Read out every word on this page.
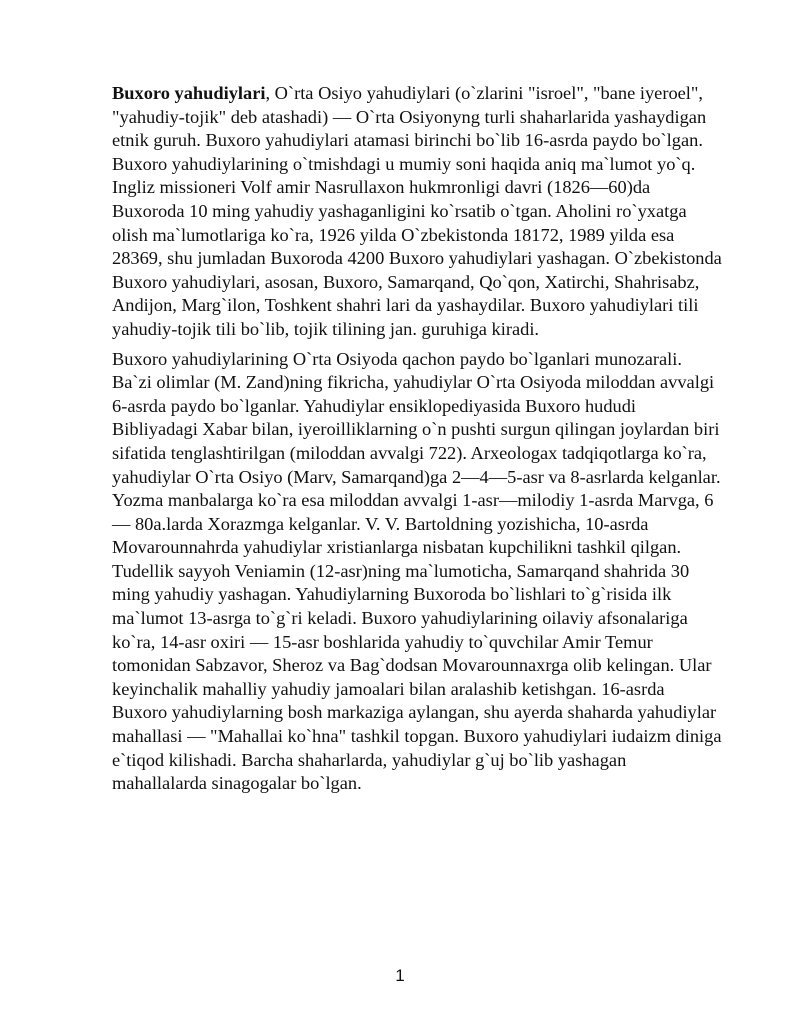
Buxoro yahudiylari, O`rta Osiyo yahudiylari (o`zlarini "isroel", "bane iyeroel", "yahudiy-tojik" deb atashadi) — O`rta Osiyonyng turli shaharlarida yashaydigan etnik guruh. Buxoro yahudiylari atamasi birinchi bo`lib 16-asrda paydo bo`lgan. Buxoro yahudiylarining o`tmishdagi u mumiy soni haqida aniq ma`lumot yo`q. Ingliz missioneri Volf amir Nasrullaxon hukmronligi davri (1826—60)da Buxoroda 10 ming yahudiy yashaganligini ko`rsatib o`tgan. Aholini ro`yxatga olish ma`lumotlariga ko`ra, 1926 yilda O`zbekistonda 18172, 1989 yilda esa 28369, shu jumladan Buxoroda 4200 Buxoro yahudiylari yashagan. O`zbekistonda Buxoro yahudiylari, asosan, Buxoro, Samarqand, Qo`qon, Xatirchi, Shahrisabz, Andijon, Marg`ilon, Toshkent shahri lari da yashaydilar. Buxoro yahudiylari tili yahudiy-tojik tili bo`lib, tojik tilining jan. guruhiga kiradi.

Buxoro yahudiylarining O`rta Osiyoda qachon paydo bo`lganlari munozarali. Ba`zi olimlar (M. Zand)ning fikricha, yahudiylar O`rta Osiyoda miloddan avvalgi 6-asrda paydo bo`lganlar. Yahudiylar ensiklopediyasida Buxoro hududi Bibliyadagi Xabar bilan, iyeroilliklarning o`n pushti surgun qilingan joylardan biri sifatida tenglashtirilgan (miloddan avvalgi 722). Arxeologax tadqiqotlarga ko`ra, yahudiylar O`rta Osiyo (Marv, Samarqand)ga 2—4—5-asr va 8-asrlarda kelganlar. Yozma manbalarga ko`ra esa miloddan avvalgi 1-asr—milodiy 1-asrda Marvga, 6— 80a.larda Xorazmga kelganlar. V. V. Bartoldning yozishicha, 10-asrda Movarounnahrda yahudiylar xristianlarga nisbatan kupchilikni tashkil qilgan. Tudellik sayyoh Veniamin (12-asr)ning ma`lumoticha, Samarqand shahrida 30 ming yahudiy yashagan. Yahudiylarning Buxoroda bo`lishlari to`g`risida ilk ma`lumot 13-asrga to`g`ri keladi. Buxoro yahudiylarining oilaviy afsonalariga ko`ra, 14-asr oxiri — 15-asr boshlarida yahudiy to`quvchilar Amir Temur tomonidan Sabzavor, Sheroz va Bag`dodsan Movarounnaxrga olib kelingan. Ular keyinchalik mahalliy yahudiy jamoalari bilan aralashib ketishgan. 16-asrda Buxoro yahudiylarning bosh markaziga aylangan, shu ayerda shaharda yahudiylar mahallasi — "Mahallai ko`hna" tashkil topgan. Buxoro yahudiylari iudaizm diniga e`tiqod kilishadi. Barcha shaharlarda, yahudiylar g`uj bo`lib yashagan mahallalarda sinagogalar bo`lgan.

1
